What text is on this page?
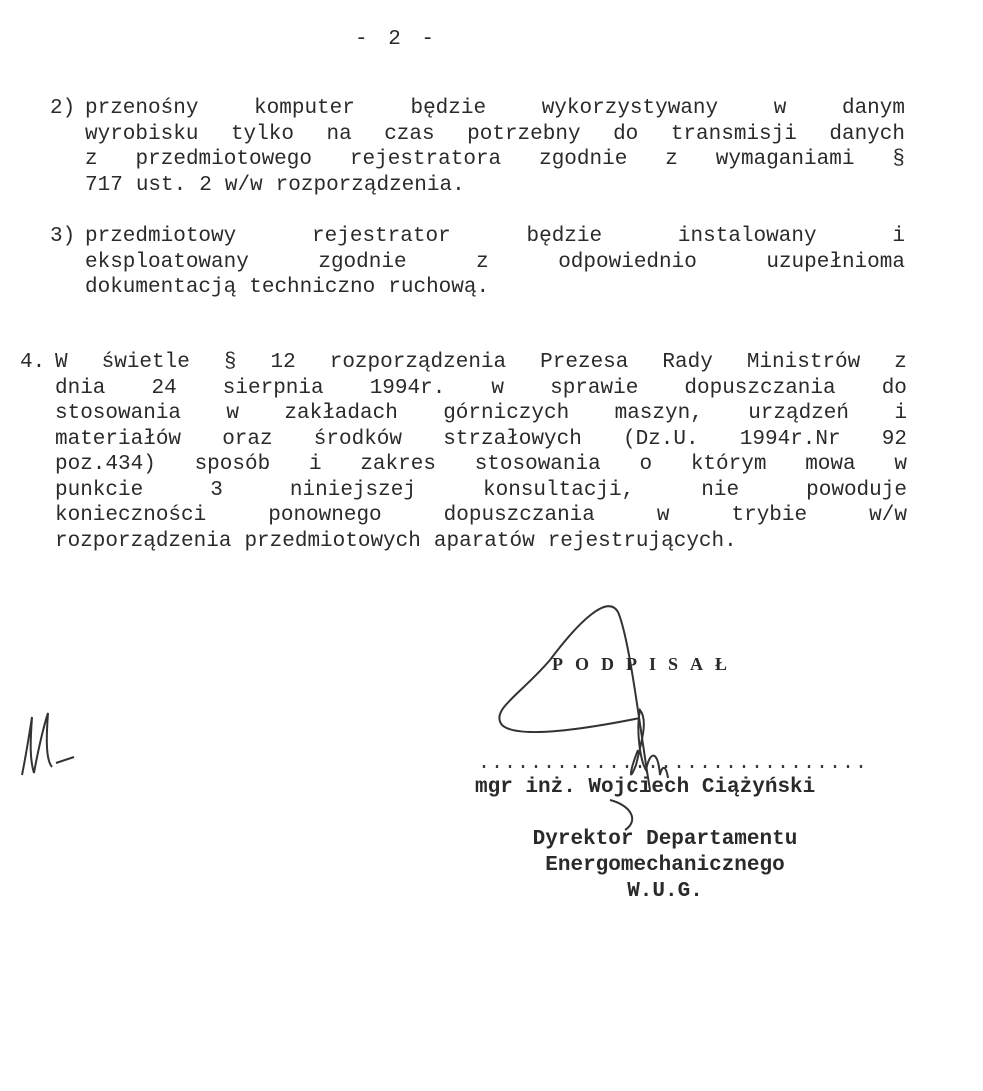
- 2 -
2) przenośny	komputer	będzie	wykorzystywany	w	danym
wyrobisku tylko na czas potrzebny do transmisji danych
z przedmiotowego rejestratora zgodnie z wymaganiami §
717 ust. 2 w/w rozporządzenia.
3) przedmiotowy	rejestrator	będzie	instalowany	i
eksploatowany	zgodnie	z	odpowiednio	uzupełnioma
dokumentacją techniczno ruchową.
4. W świetle § 12 rozporządzenia Prezesa Rady Ministrów z
dnia 24 sierpnia 1994r. w sprawie dopuszczania do
stosowania w zakładach górniczych maszyn, urządzeń i
materiałów oraz środków strzałowych (Dz.U. 1994r.Nr 92
poz.434) sposób i zakres stosowania o którym mowa w
punkcie	3	niniejszej	konsultacji,	nie	powoduje
konieczności	ponownego	dopuszczania	w	trybie	w/w
rozporządzenia przedmiotowych aparatów rejestrujących.
PODPISAŁ
..............................
mgr inż. Wojciech Ciążyński
Dyrektor Departamentu
Energomechanicznego
W.U.G.
